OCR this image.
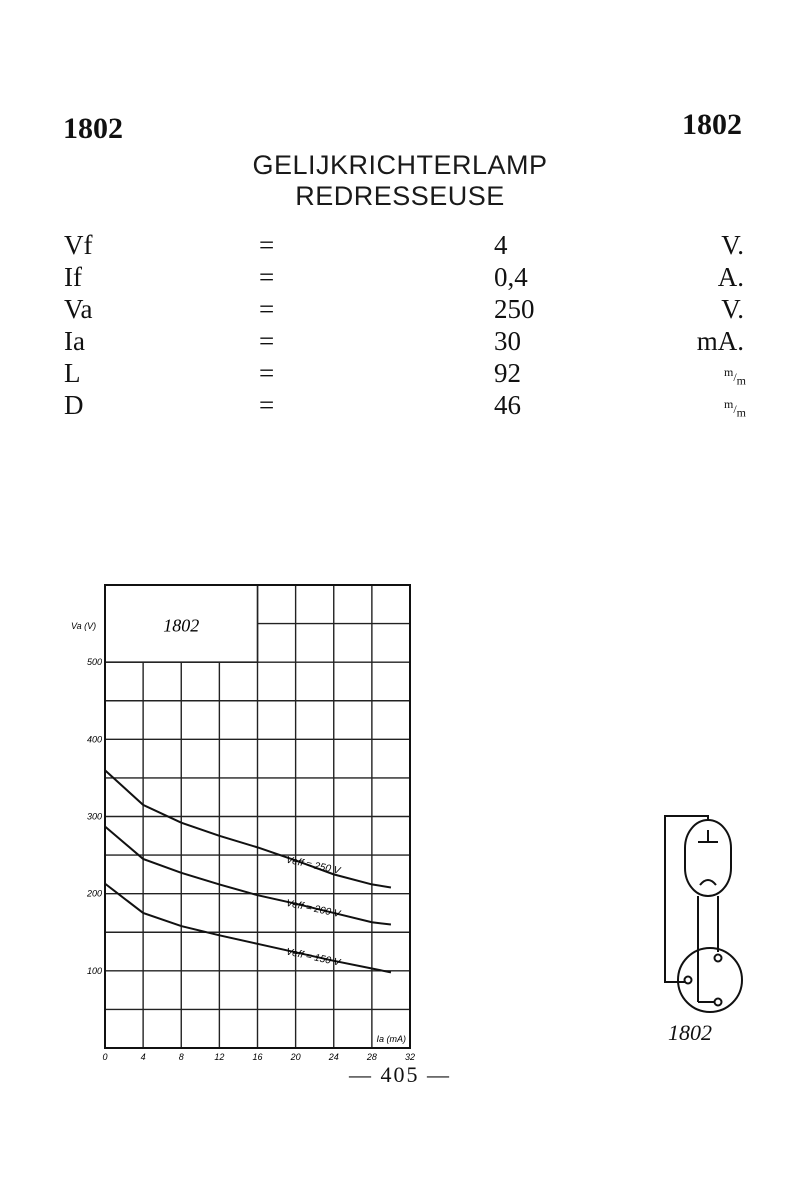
1802	1802
GELIJKRICHTERLAMP
REDRESSEUSE
Vf	=	4	V.
If	=	0,4	A.
Va	=	250	V.
Ia	=	30	mA.
L	=	92	m/m
D	=	46	m/m
1802
100
200
300
400
500
0	4	8	12	16	20	24	28	32
Va (V)
Ia (mA)
Veff = 250 V
Veff = 200 V
Veff = 150 V
1802
— 405 —
